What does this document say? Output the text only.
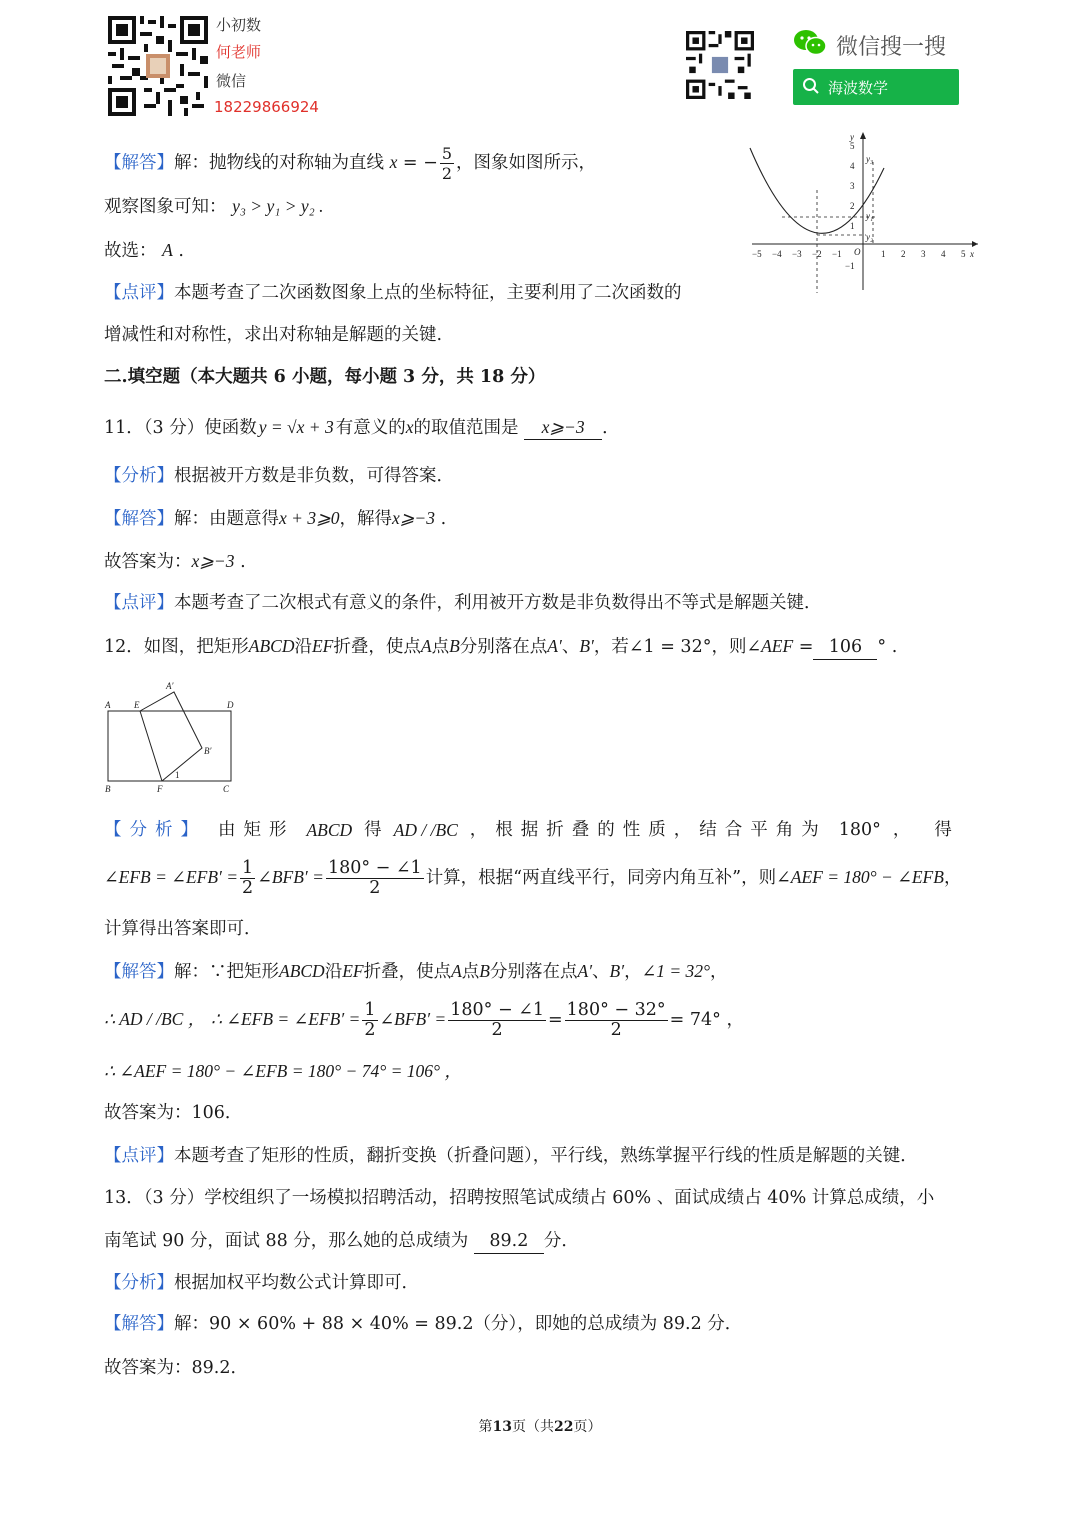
小初数
何老师
微信
18229866924
微信搜一搜
海波数学
【解答】解：抛物线的对称轴为直线 x = − $\frac{5}{2}$ ，图象如图所示，
观察图象可知： y₃ > y₁ > y₂ .
故选： A .
【点评】本题考查了二次函数图象上点的坐标特征，主要利用了二次函数的
增减性和对称性，求出对称轴是解题的关键.
x
y
−5 −4 −3 −2 −1 O 1 2 3 4 5
5
4
3
2
1
−1
y₃
y₁
y₂
二.填空题（本大题共 6 小题，每小题 3 分，共 18 分）
11．（3 分）使函数 y = √x + 3 有意义的x的取值范围是 x⩾−3 ．
【分析】根据被开方数是非负数，可得答案．
【解答】解：由题意得x + 3⩾0，解得x⩾−3 .
故答案为：x⩾−3 .
【点评】本题考查了二次根式有意义的条件，利用被开方数是非负数得出不等式是解题关键．
12．如图，把矩形ABCD沿EF折叠，使点A点B分别落在点A′、B′，若∠1 = 32°，则∠AEF = 106 ° .
A	E	D
A′
B′
1
B	F	C
【分析】 由矩形 ABCD 得 AD / /BC ，根据折叠的性质，结合平角为 180° ，得
∠EFB = ∠EFB′ = $\frac{1}{2}$ ∠BFB′ = $\frac{180^\circ - \angle 1}{2}$ 计算，根据“两直线平行，同旁内角互补”，则∠AEF = 180° − ∠EFB，
计算得出答案即可．
【解答】解：∵把矩形ABCD沿EF折叠，使点A点B分别落在点A′、B′，∠1 = 32°，
∴ AD / /BC ， ∴ ∠EFB = ∠EFB′ = $\frac{1}{2}$ ∠BFB′ = $\frac{180^\circ - \angle 1}{2} = \frac{180^\circ - 32^\circ}{2} = 74^\circ$ ，
∴ ∠AEF = 180° − ∠EFB = 180° − 74° = 106° ，
故答案为：106．
【点评】本题考查了矩形的性质，翻折变换（折叠问题），平行线，熟练掌握平行线的性质是解题的关键．
13．（3 分）学校组织了一场模拟招聘活动，招聘按照笔试成绩占 60% 、面试成绩占 40% 计算总成绩，小
南笔试 90 分，面试 88 分，那么她的总成绩为 89.2 分．
【分析】根据加权平均数公式计算即可．
【解答】解：90 × 60% + 88 × 40% = 89.2（分），即她的总成绩为 89.2 分．
故答案为：89.2．
第13页（共22页）
